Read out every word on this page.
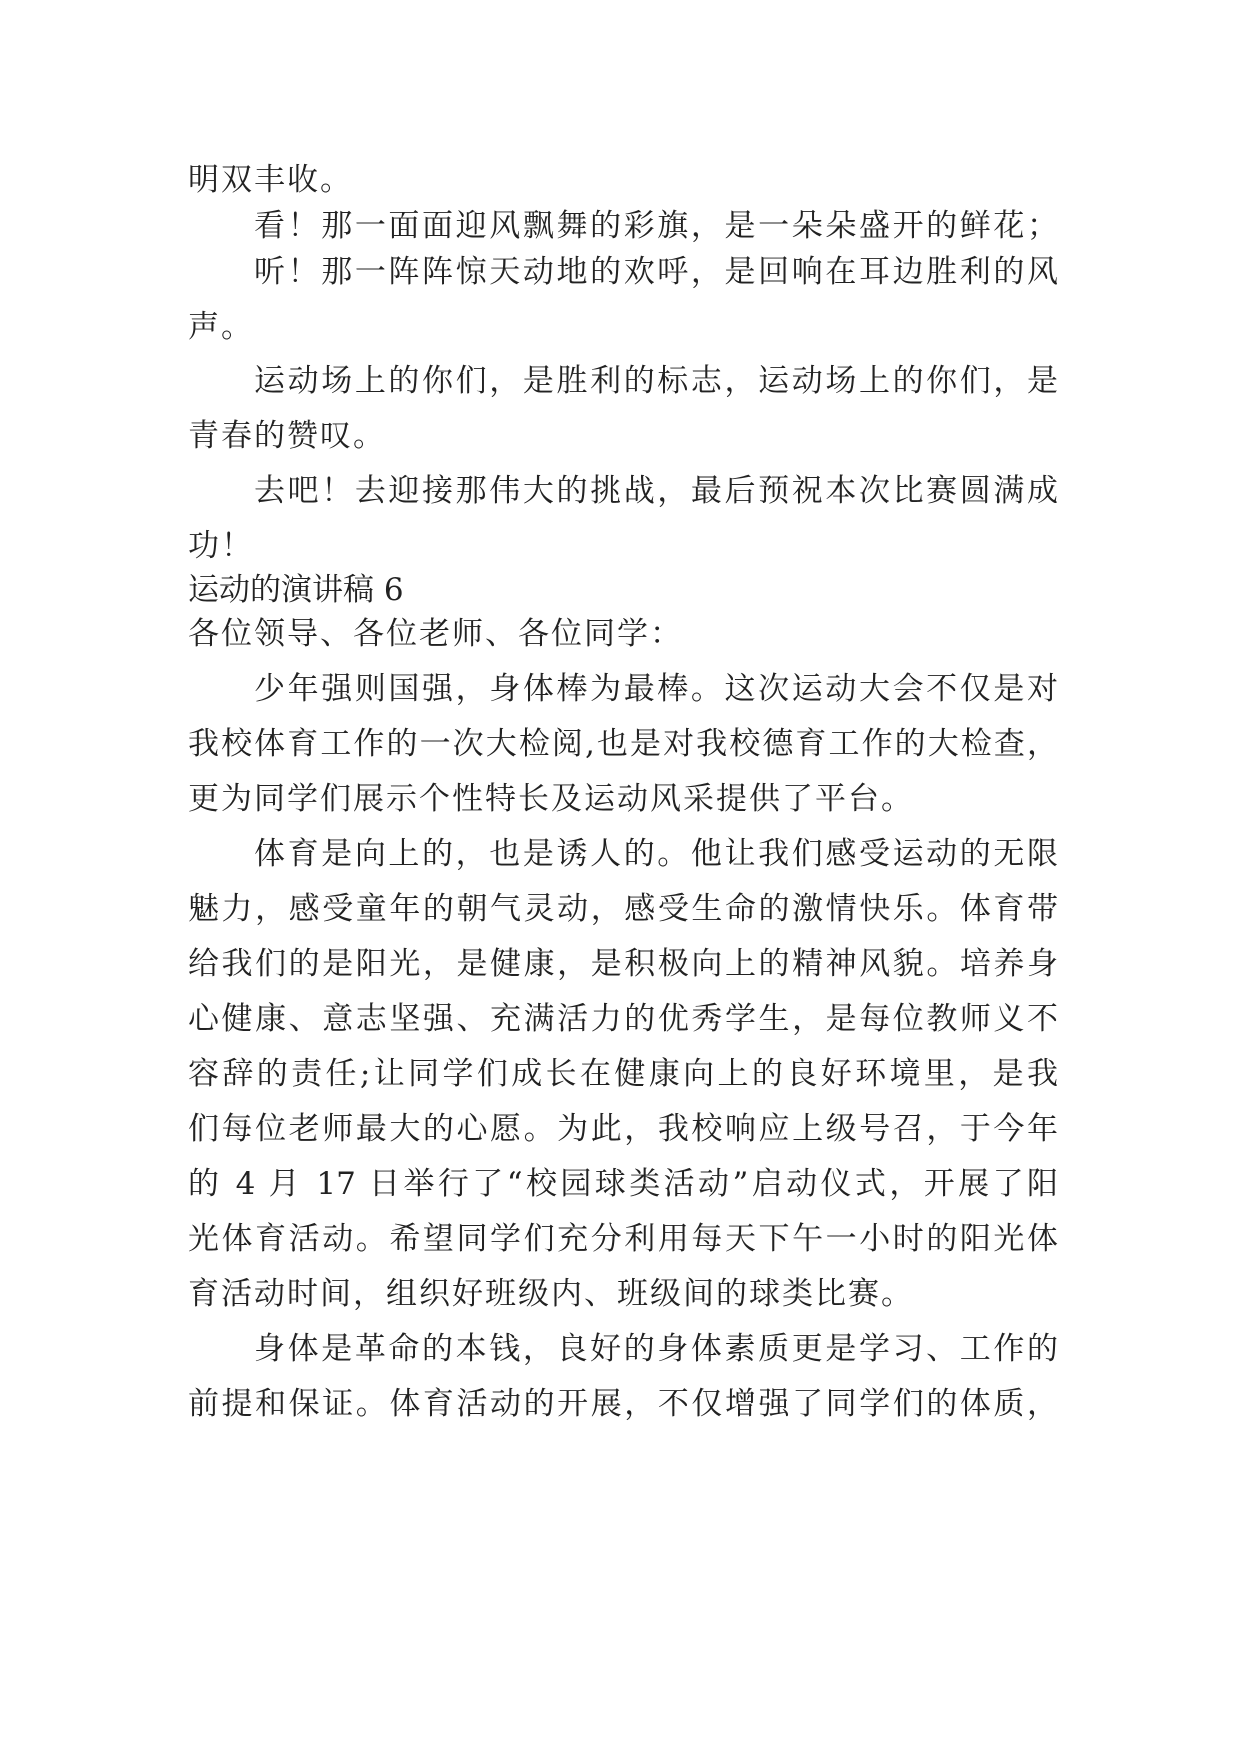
明双丰收。
看！那一面面迎风飘舞的彩旗，是一朵朵盛开的鲜花；
听！那一阵阵惊天动地的欢呼，是回响在耳边胜利的风
声。
运动场上的你们，是胜利的标志，运动场上的你们，是
青春的赞叹。
去吧！去迎接那伟大的挑战，最后预祝本次比赛圆满成
功！
运动的演讲稿 6
各位领导、各位老师、各位同学：
少年强则国强，身体棒为最棒。这次运动大会不仅是对
我校体育工作的一次大检阅,也是对我校德育工作的大检查，
更为同学们展示个性特长及运动风采提供了平台。
体育是向上的，也是诱人的。他让我们感受运动的无限
魅力，感受童年的朝气灵动，感受生命的激情快乐。体育带
给我们的是阳光，是健康，是积极向上的精神风貌。培养身
心健康、意志坚强、充满活力的优秀学生，是每位教师义不
容辞的责任;让同学们成长在健康向上的良好环境里，是我
们每位老师最大的心愿。为此，我校响应上级号召，于今年
的 4 月 17 日举行了“校园球类活动”启动仪式，开展了阳
光体育活动。希望同学们充分利用每天下午一小时的阳光体
育活动时间，组织好班级内、班级间的球类比赛。
身体是革命的本钱，良好的身体素质更是学习、工作的
前提和保证。体育活动的开展，不仅增强了同学们的体质，
